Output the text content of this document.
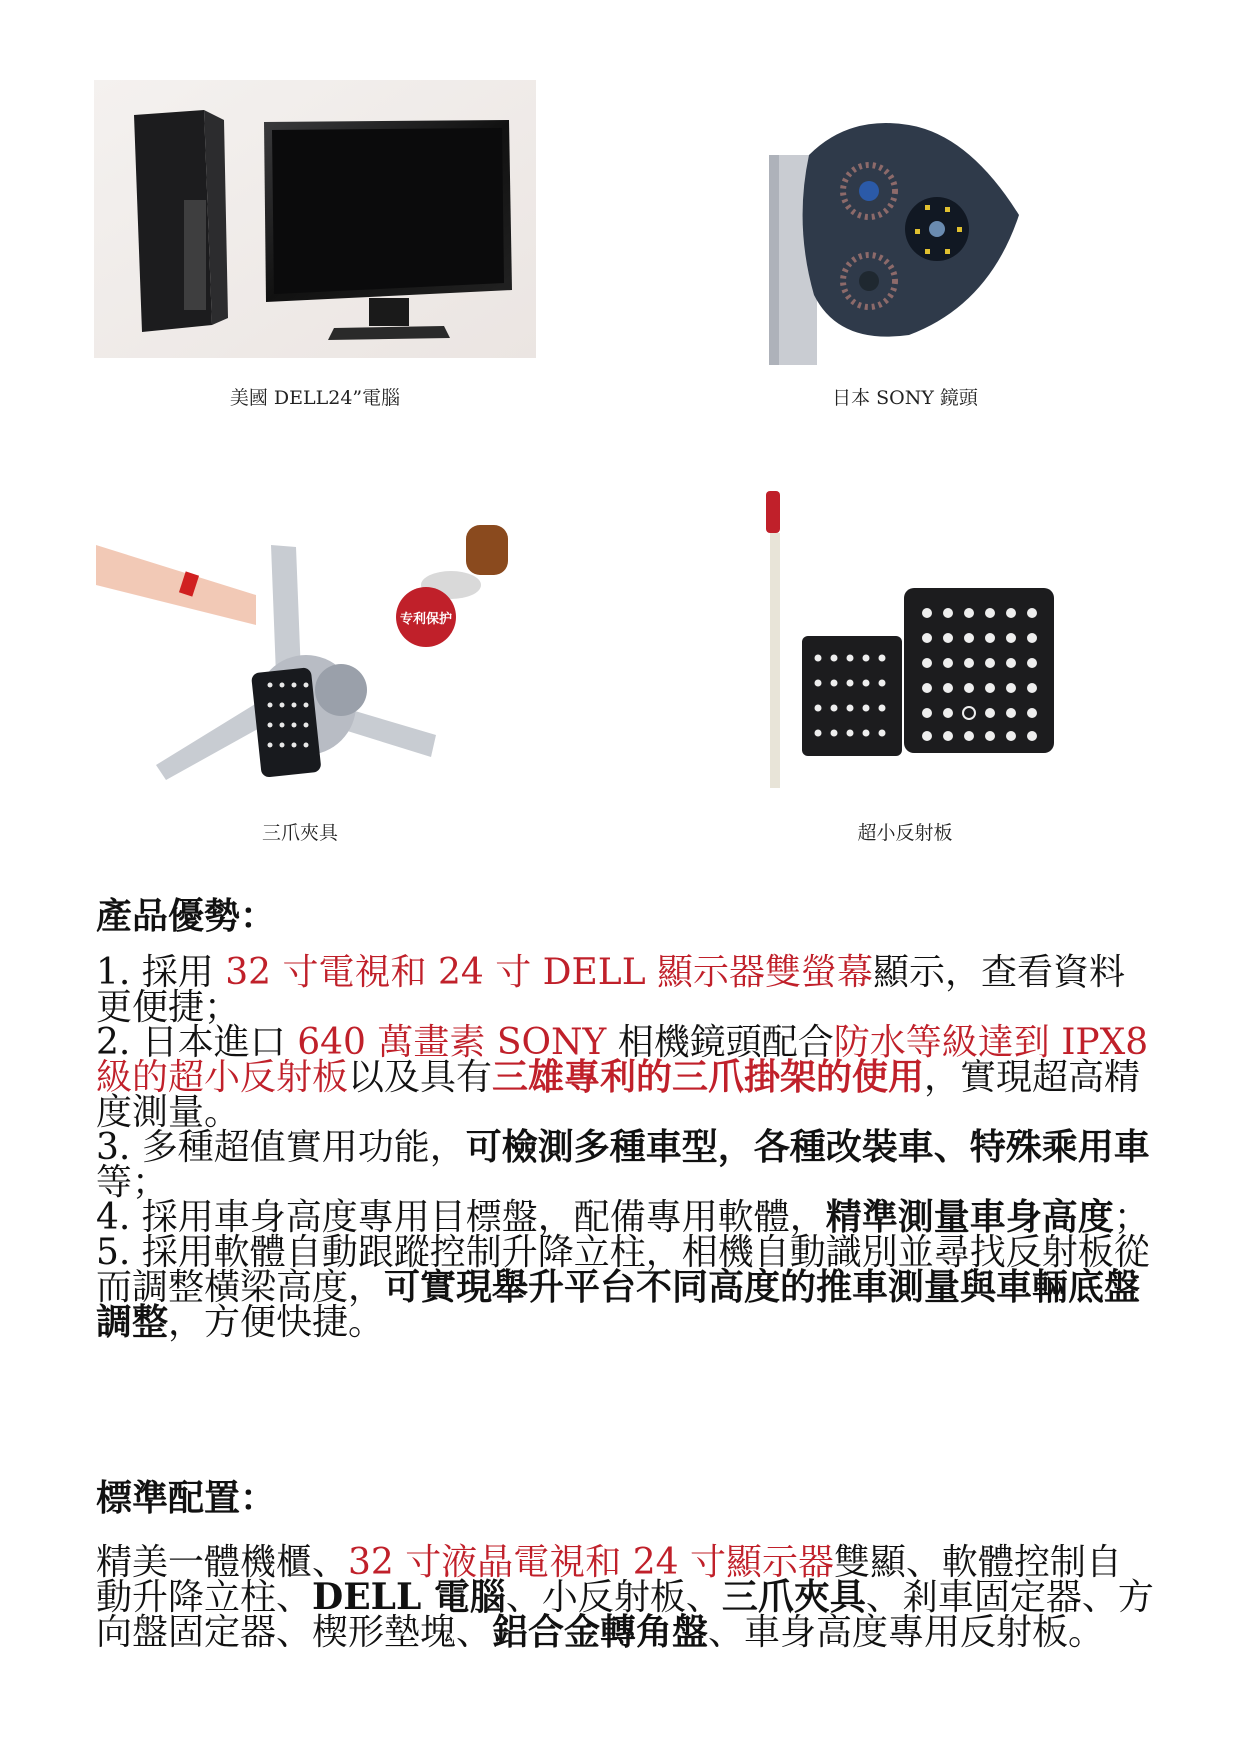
美國 DELL24”電腦	日本 SONY 鏡頭
专利保护
三爪夾具	超小反射板
產品優勢：
1. 採用 32 寸電視和 24 寸 DELL 顯示器雙螢幕顯示，查看資料更便捷；
2. 日本進口 640 萬畫素 SONY 相機鏡頭配合防水等級達到 IPX8 級的超小反射板以及具有三雄專利的三爪掛架的使用，實現超高精度測量。
3. 多種超值實用功能，可檢測多種車型，各種改裝車、特殊乘用車等；
4. 採用車身高度專用目標盤，配備專用軟體，精準測量車身高度；
5. 採用軟體自動跟蹤控制升降立柱，相機自動識別並尋找反射板從而調整橫梁高度，可實現舉升平台不同高度的推車測量與車輛底盤調整，方便快捷。
標準配置：
精美一體機櫃、32 寸液晶電視和 24 寸顯示器雙顯、軟體控制自動升降立柱、DELL 電腦、小反射板、三爪夾具、剎車固定器、方向盤固定器、楔形墊塊、鋁合金轉角盤、車身高度專用反射板。
